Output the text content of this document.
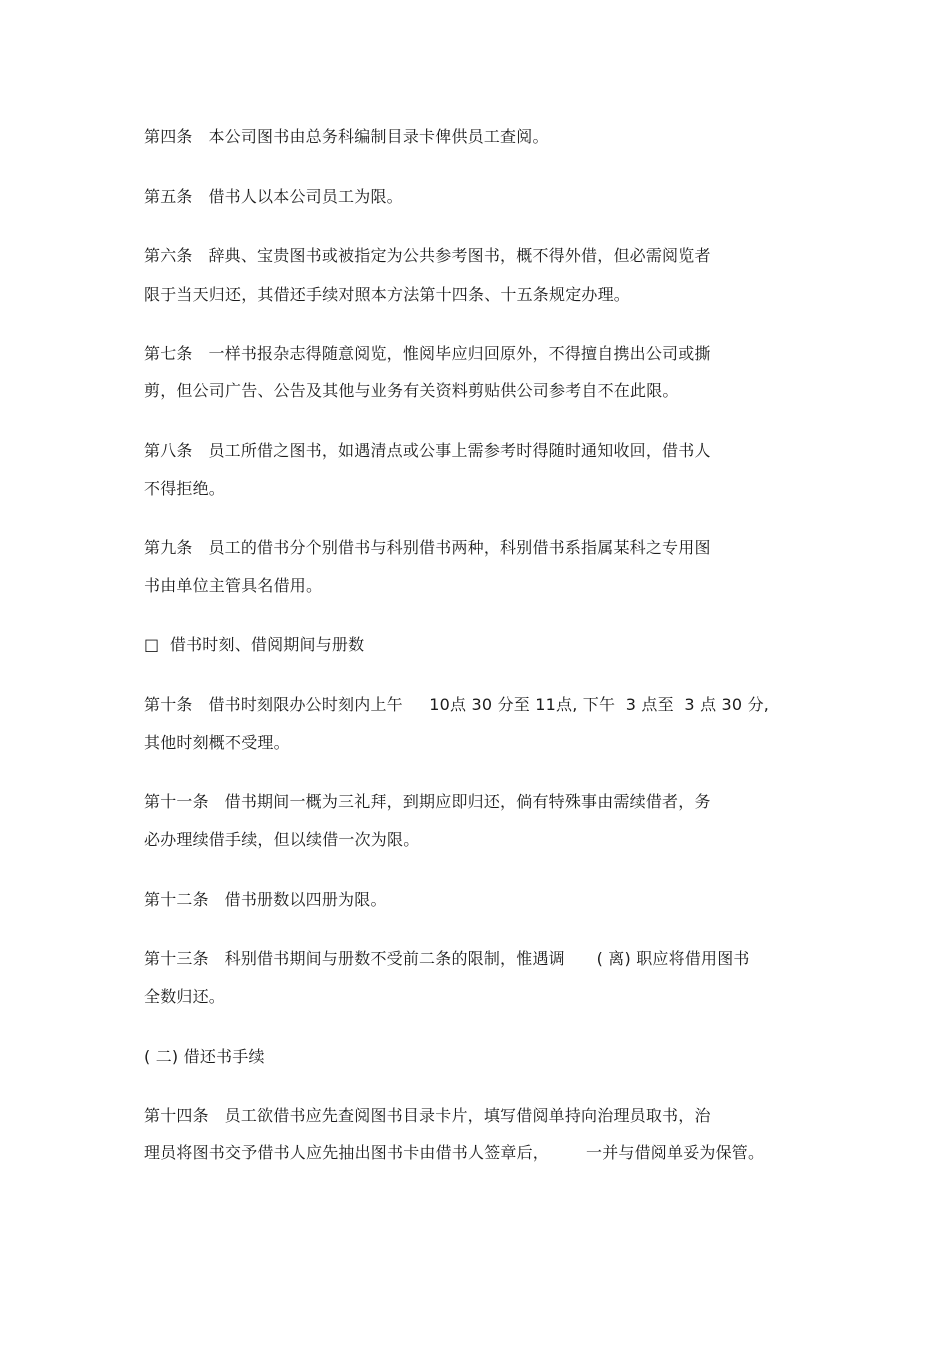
第四条   本公司图书由总务科编制目录卡俾供员工查阅。
第五条   借书人以本公司员工为限。
第六条   辞典、宝贵图书或被指定为公共参考图书，概不得外借，但必需阅览者
限于当天归还，其借还手续对照本方法第十四条、十五条规定办理。
第七条   一样书报杂志得随意阅览，惟阅毕应归回原外，不得擅自携出公司或撕
剪，但公司广告、公告及其他与业务有关资料剪贴供公司参考自不在此限。
第八条   员工所借之图书，如遇清点或公事上需参考时得随时通知收回，借书人
不得拒绝。
第九条   员工的借书分个别借书与科别借书两种，科别借书系指属某科之专用图
书由单位主管具名借用。
□  借书时刻、借阅期间与册数
第十条   借书时刻限办公时刻内上午     10点 30 分至 11点, 下午  3 点至  3 点 30 分,
其他时刻概不受理。
第十一条   借书期间一概为三礼拜，到期应即归还，倘有特殊事由需续借者，务
必办理续借手续，但以续借一次为限。
第十二条   借书册数以四册为限。
第十三条   科别借书期间与册数不受前二条的限制，惟遇调      ( 离) 职应将借用图书
全数归还。
( 二) 借还书手续
第十四条   员工欲借书应先查阅图书目录卡片，填写借阅单持向治理员取书，治
理员将图书交予借书人应先抽出图书卡由借书人签章后，       一并与借阅单妥为保管。
